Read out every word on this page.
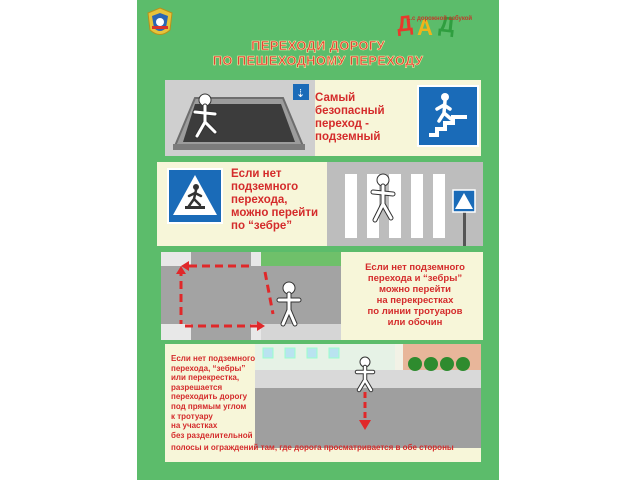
Д А Д
...с дорожной азбукой
ПЕРЕХОДИ ДОРОГУ
ПО ПЕШЕХОДНОМУ ПЕРЕХОДУ
⇣ Самый
безопасный
переход -
подземный
Если нет
подземного
перехода,
можно перейти
по “зебре”
Если нет подземного
перехода и “зебры”
можно перейти
на перекрестках
по линии тротуаров
или обочин
Если нет подземного
перехода, “зебры”
или перекрестка,
разрешается
переходить дорогу
под прямым углом
к тротуару
на участках
без разделительной
полосы и ограждений там, где дорога просматривается в обе стороны
